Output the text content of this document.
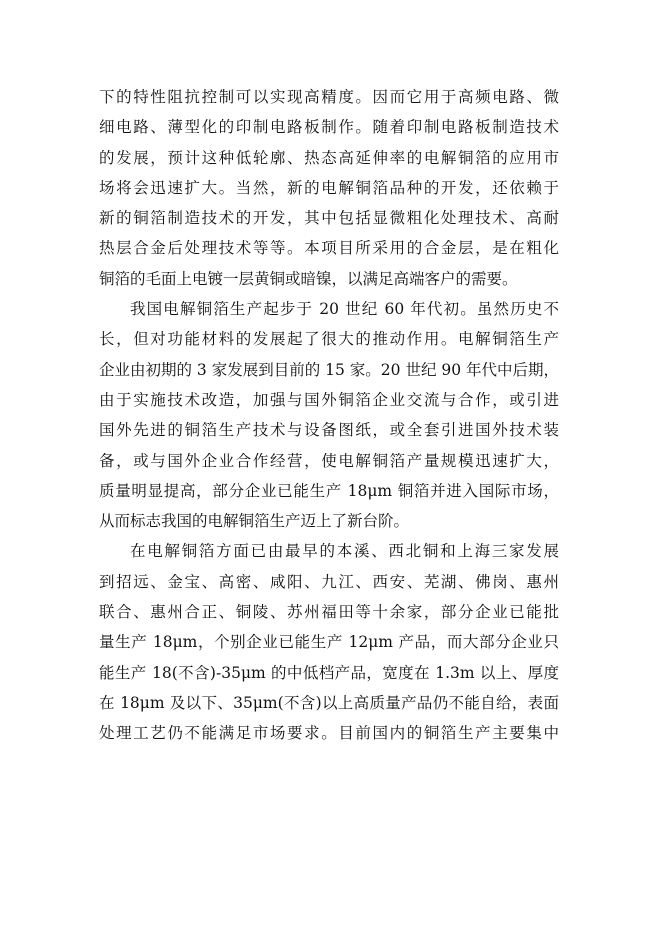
下的特性阻抗控制可以实现高精度。因而它用于高频电路、微
细电路、薄型化的印制电路板制作。随着印制电路板制造技术
的发展，预计这种低轮廓、热态高延伸率的电解铜箔的应用市
场将会迅速扩大。当然，新的电解铜箔品种的开发，还依赖于
新的铜箔制造技术的开发，其中包括显微粗化处理技术、高耐
热层合金后处理技术等等。本项目所采用的合金层，是在粗化
铜箔的毛面上电镀一层黄铜或暗镍，以满足高端客户的需要。
我国电解铜箔生产起步于 20 世纪 60 年代初。虽然历史不
长，但对功能材料的发展起了很大的推动作用。电解铜箔生产
企业由初期的 3 家发展到目前的 15 家。20 世纪 90 年代中后期，
由于实施技术改造，加强与国外铜箔企业交流与合作，或引进
国外先进的铜箔生产技术与设备图纸，或全套引进国外技术装
备，或与国外企业合作经营，使电解铜箔产量规模迅速扩大，
质量明显提高，部分企业已能生产 18μm 铜箔并进入国际市场，
从而标志我国的电解铜箔生产迈上了新台阶。
在电解铜箔方面已由最早的本溪、西北铜和上海三家发展
到招远、金宝、高密、咸阳、九江、西安、芜湖、佛岗、惠州
联合、惠州合正、铜陵、苏州福田等十余家，部分企业已能批
量生产 18μm，个别企业已能生产 12μm 产品，而大部分企业只
能生产 18(不含)-35μm 的中低档产品，宽度在 1.3m 以上、厚度
在 18μm 及以下、35μm(不含)以上高质量产品仍不能自给，表面
处理工艺仍不能满足市场要求。目前国内的铜箔生产主要集中
